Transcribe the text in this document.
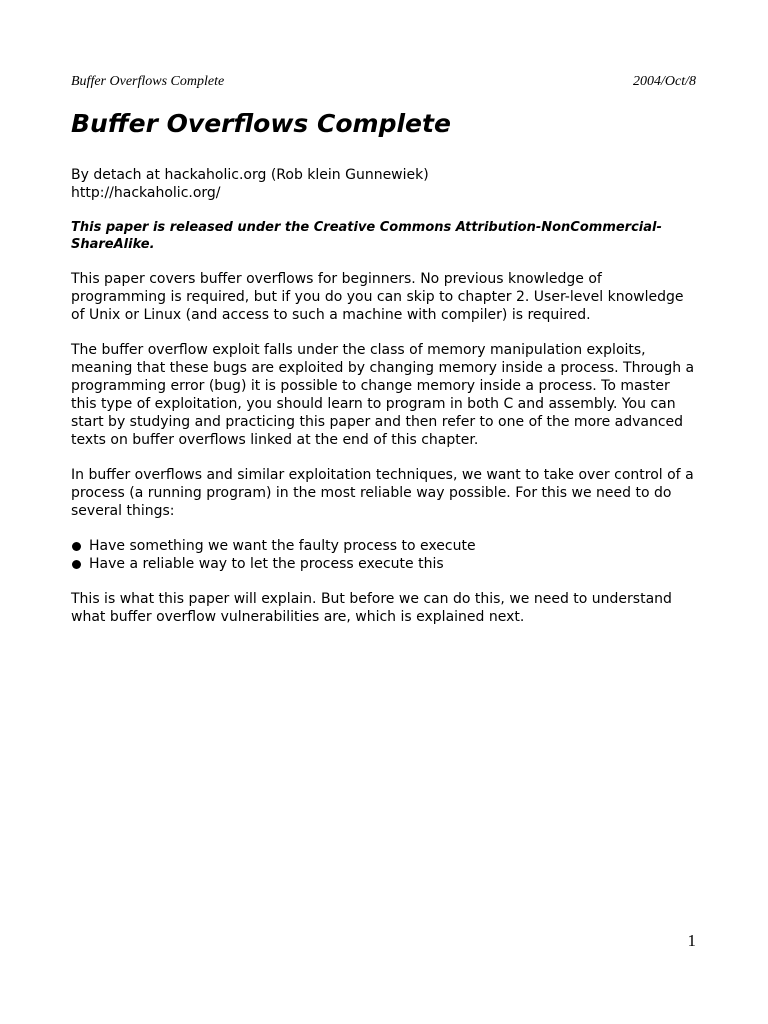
Buffer Overflows Complete	2004/Oct/8
Buffer Overflows Complete

By detach at hackaholic.org (Rob klein Gunnewiek)

http://hackaholic.org/

This paper is released under the Creative Commons Attribution-NonCommercial-ShareAlike.

This paper covers buffer overflows for beginners. No previous knowledge of programming is required, but if you do you can skip to chapter 2. User-level knowledge of Unix or Linux (and access to such a machine with compiler) is required.

The buffer overflow exploit falls under the class of memory manipulation exploits, meaning that these bugs are exploited by changing memory inside a process. Through a programming error (bug) it is possible to change memory inside a process. To master this type of exploitation, you should learn to program in both C and assembly. You can start by studying and practicing this paper and then refer to one of the more advanced texts on buffer overflows linked at the end of this chapter.

In buffer overflows and similar exploitation techniques, we want to take over control of a process (a running program) in the most reliable way possible. For this we need to do several things:

Have something we want the faulty process to execute
Have a reliable way to let the process execute this

This is what this paper will explain. But before we can do this, we need to understand what buffer overflow vulnerabilities are, which is explained next.

1
